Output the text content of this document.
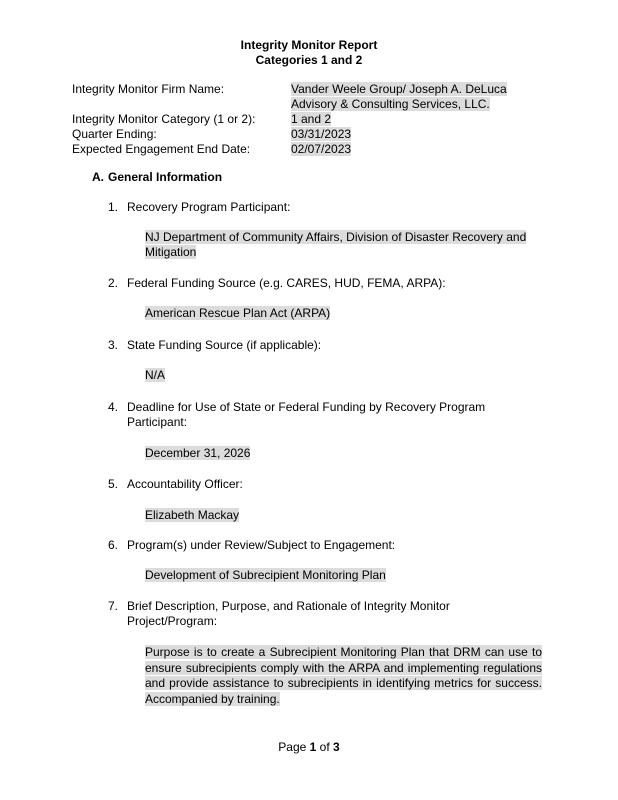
Integrity Monitor Report
Categories 1 and 2
Integrity Monitor Firm Name:	Vander Weele Group/ Joseph A. DeLuca
Advisory & Consulting Services, LLC.
Integrity Monitor Category (1 or 2):	1 and 2
Quarter Ending:	03/31/2023
Expected Engagement End Date:	02/07/2023
A. General Information
1. Recovery Program Participant:
NJ Department of Community Affairs, Division of Disaster Recovery and Mitigation
2. Federal Funding Source (e.g. CARES, HUD, FEMA, ARPA):
American Rescue Plan Act (ARPA)
3. State Funding Source (if applicable):
N/A
4. Deadline for Use of State or Federal Funding by Recovery Program Participant:
December 31, 2026
5. Accountability Officer:
Elizabeth Mackay
6. Program(s) under Review/Subject to Engagement:
Development of Subrecipient Monitoring Plan
7. Brief Description, Purpose, and Rationale of Integrity Monitor Project/Program:
Purpose is to create a Subrecipient Monitoring Plan that DRM can use to ensure subrecipients comply with the ARPA and implementing regulations and provide assistance to subrecipients in identifying metrics for success. Accompanied by training.
Page 1 of 3
